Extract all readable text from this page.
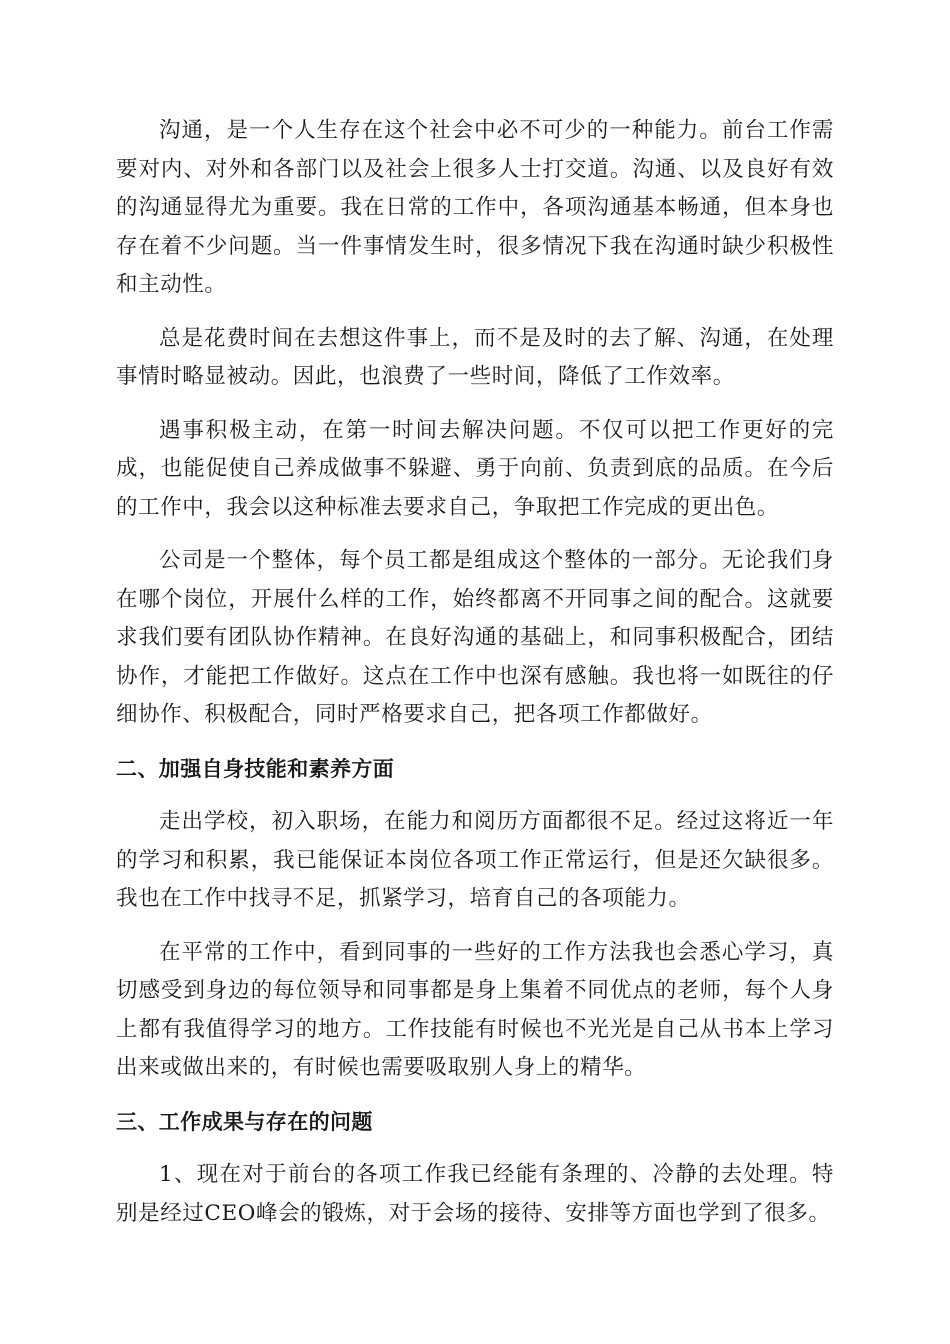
沟通，是一个人生存在这个社会中必不可少的一种能力。前台工作需要对内、对外和各部门以及社会上很多人士打交道。沟通、以及良好有效的沟通显得尤为重要。我在日常的工作中，各项沟通基本畅通，但本身也存在着不少问题。当一件事情发生时，很多情况下我在沟通时缺少积极性和主动性。

总是花费时间在去想这件事上，而不是及时的去了解、沟通，在处理事情时略显被动。因此，也浪费了一些时间，降低了工作效率。

遇事积极主动，在第一时间去解决问题。不仅可以把工作更好的完成，也能促使自己养成做事不躲避、勇于向前、负责到底的品质。在今后的工作中，我会以这种标准去要求自己，争取把工作完成的更出色。

公司是一个整体，每个员工都是组成这个整体的一部分。无论我们身在哪个岗位，开展什么样的工作，始终都离不开同事之间的配合。这就要求我们要有团队协作精神。在良好沟通的基础上，和同事积极配合，团结协作，才能把工作做好。这点在工作中也深有感触。我也将一如既往的仔细协作、积极配合，同时严格要求自己，把各项工作都做好。

二、加强自身技能和素养方面

走出学校，初入职场，在能力和阅历方面都很不足。经过这将近一年的学习和积累，我已能保证本岗位各项工作正常运行，但是还欠缺很多。我也在工作中找寻不足，抓紧学习，培育自己的各项能力。

在平常的工作中，看到同事的一些好的工作方法我也会悉心学习，真切感受到身边的每位领导和同事都是身上集着不同优点的老师，每个人身上都有我值得学习的地方。工作技能有时候也不光光是自己从书本上学习出来或做出来的，有时候也需要吸取别人身上的精华。

三、工作成果与存在的问题

1、现在对于前台的各项工作我已经能有条理的、冷静的去处理。特别是经过CEO峰会的锻炼，对于会场的接待、安排等方面也学到了很多。
